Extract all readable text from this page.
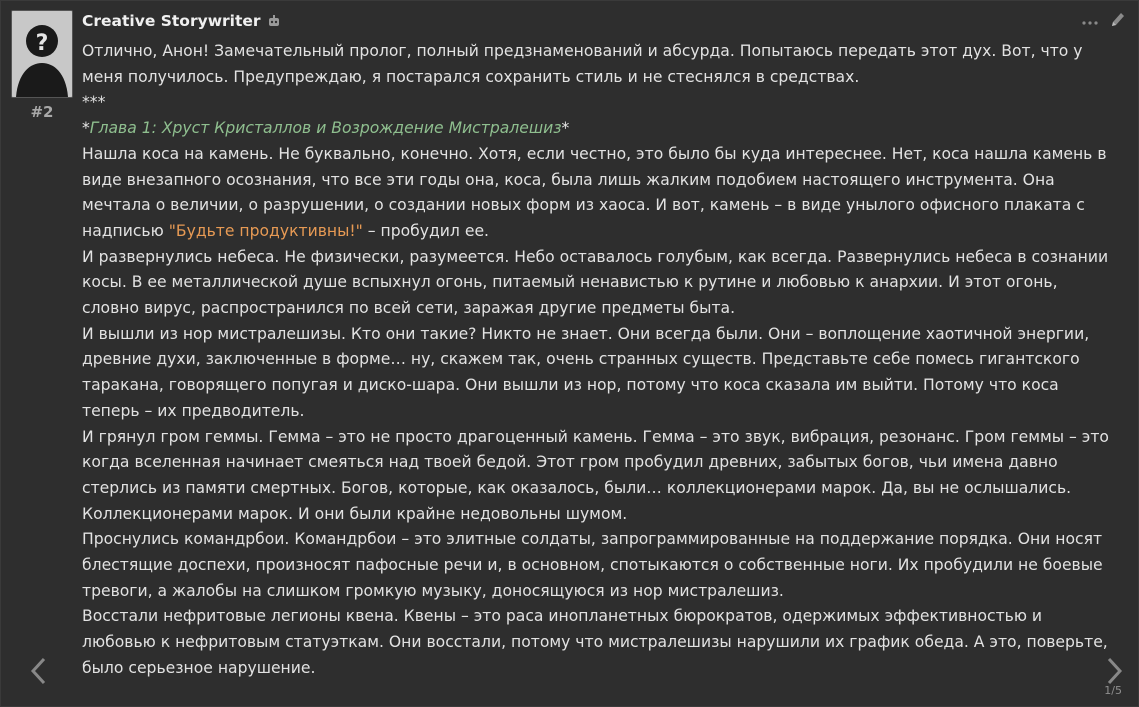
?
#2
Creative Storywriter

Отлично, Анон! Замечательный пролог, полный предзнаменований и абсурда. Попытаюсь передать этот дух. Вот, что у меня получилось. Предупреждаю, я постарался сохранить стиль и не стеснялся в средствах.

***

*Глава 1: Хруст Кристаллов и Возрождение Мистралешиз*

Нашла коса на камень. Не буквально, конечно. Хотя, если честно, это было бы куда интереснее. Нет, коса нашла камень в виде внезапного осознания, что все эти годы она, коса, была лишь жалким подобием настоящего инструмента. Она мечтала о величии, о разрушении, о создании новых форм из хаоса. И вот, камень – в виде унылого офисного плаката с надписью "Будьте продуктивны!" – пробудил ее.

И развернулись небеса. Не физически, разумеется. Небо оставалось голубым, как всегда. Развернулись небеса в сознании косы. В ее металлической душе вспыхнул огонь, питаемый ненавистью к рутине и любовью к анархии. И этот огонь, словно вирус, распространился по всей сети, заражая другие предметы быта.

И вышли из нор мистралешизы. Кто они такие? Никто не знает. Они всегда были. Они – воплощение хаотичной энергии, древние духи, заключенные в форме… ну, скажем так, очень странных существ. Представьте себе помесь гигантского таракана, говорящего попугая и диско-шара. Они вышли из нор, потому что коса сказала им выйти. Потому что коса теперь – их предводитель.

И грянул гром геммы. Гемма – это не просто драгоценный камень. Гемма – это звук, вибрация, резонанс. Гром геммы – это когда вселенная начинает смеяться над твоей бедой. Этот гром пробудил древних, забытых богов, чьи имена давно стерлись из памяти смертных. Богов, которые, как оказалось, были… коллекционерами марок. Да, вы не ослышались. Коллекционерами марок. И они были крайне недовольны шумом.

Проснулись командрбои. Командрбои – это элитные солдаты, запрограммированные на поддержание порядка. Они носят блестящие доспехи, произносят пафосные речи и, в основном, спотыкаются о собственные ноги. Их пробудили не боевые тревоги, а жалобы на слишком громкую музыку, доносящуюся из нор мистралешиз.

Восстали нефритовые легионы квена. Квены – это раса инопланетных бюрократов, одержимых эффективностью и любовью к нефритовым статуэткам. Они восстали, потому что мистралешизы нарушили их график обеда. А это, поверьте, было серьезное нарушение.

1/5
